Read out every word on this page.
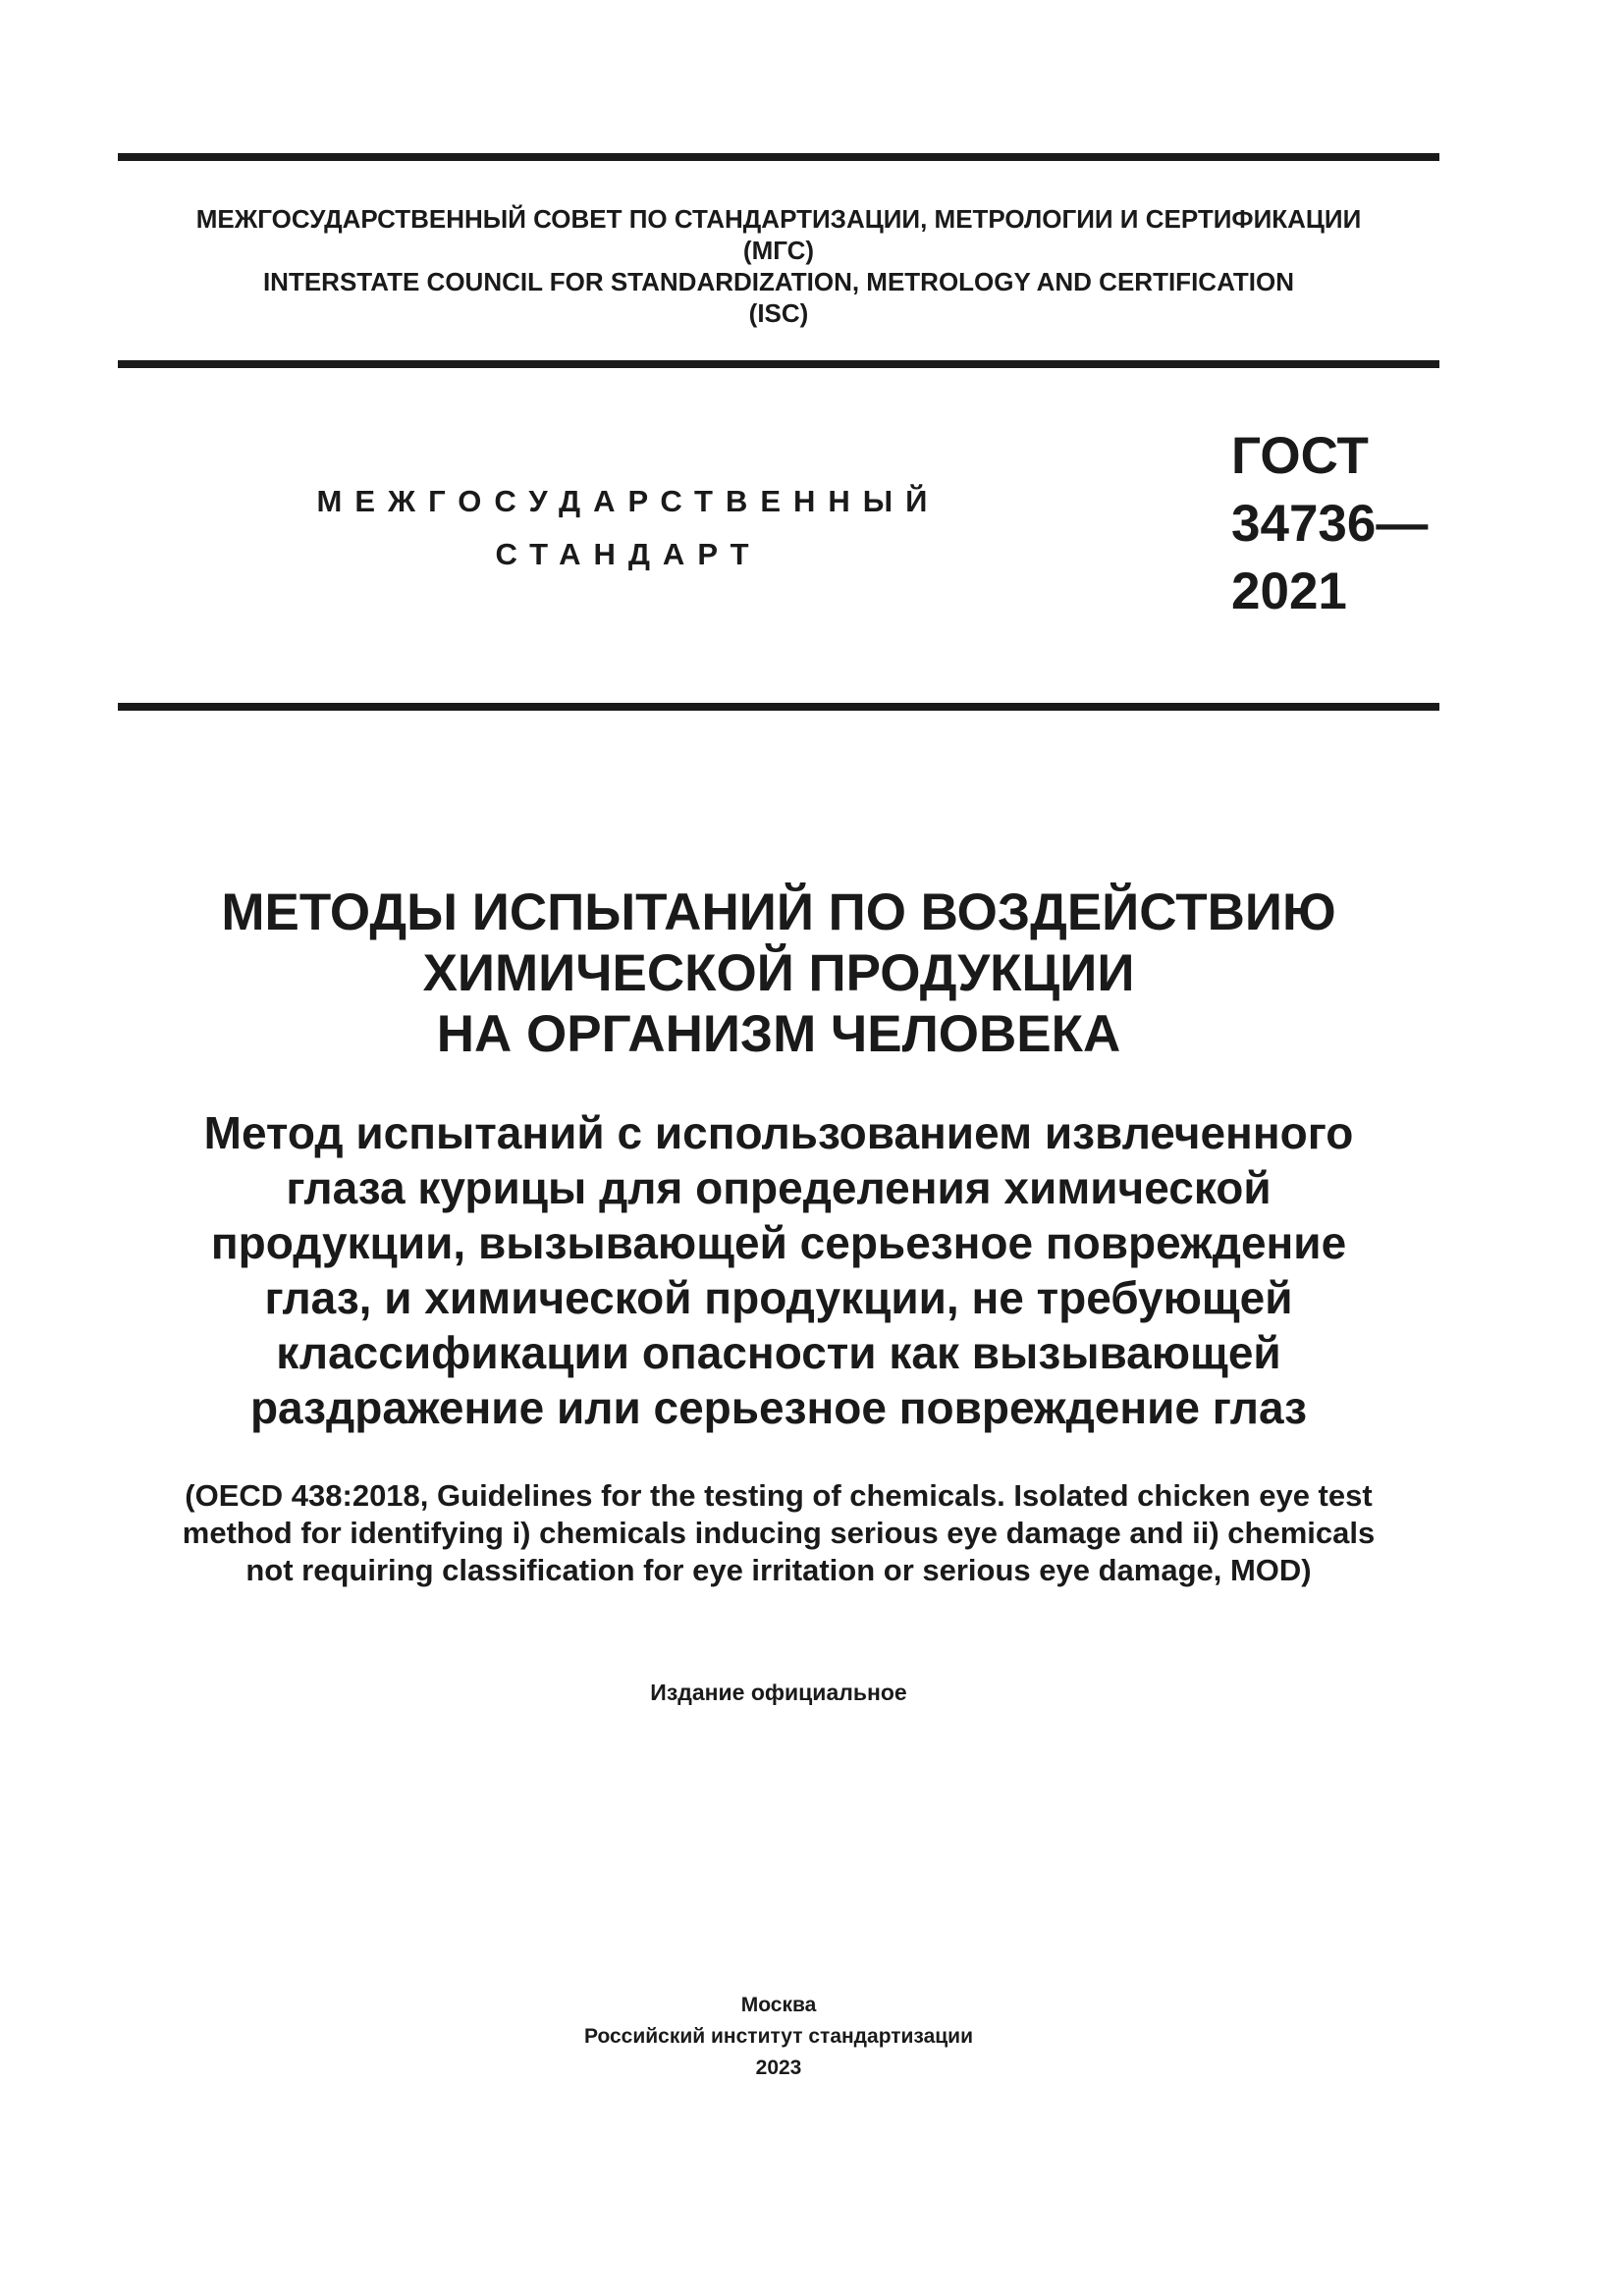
МЕЖГОСУДАРСТВЕННЫЙ СОВЕТ ПО СТАНДАРТИЗАЦИИ, МЕТРОЛОГИИ И СЕРТИФИКАЦИИ
(МГС)
INTERSTATE COUNCIL FOR STANDARDIZATION, METROLOGY AND CERTIFICATION
(ISC)
МЕЖГОСУДАРСТВЕННЫЙ
СТАНДАРТ
ГОСТ
34736—
2021
МЕТОДЫ ИСПЫТАНИЙ ПО ВОЗДЕЙСТВИЮ
ХИМИЧЕСКОЙ ПРОДУКЦИИ
НА ОРГАНИЗМ ЧЕЛОВЕКА
Метод испытаний с использованием извлеченного
глаза курицы для определения химической
продукции, вызывающей серьезное повреждение
глаз, и химической продукции, не требующей
классификации опасности как вызывающей
раздражение или серьезное повреждение глаз
(OECD 438:2018, Guidelines for the testing of chemicals. Isolated chicken eye test
method for identifying i) chemicals inducing serious eye damage and ii) chemicals
not requiring classification for eye irritation or serious eye damage, MOD)
Издание официальное
Москва
Российский институт стандартизации
2023
